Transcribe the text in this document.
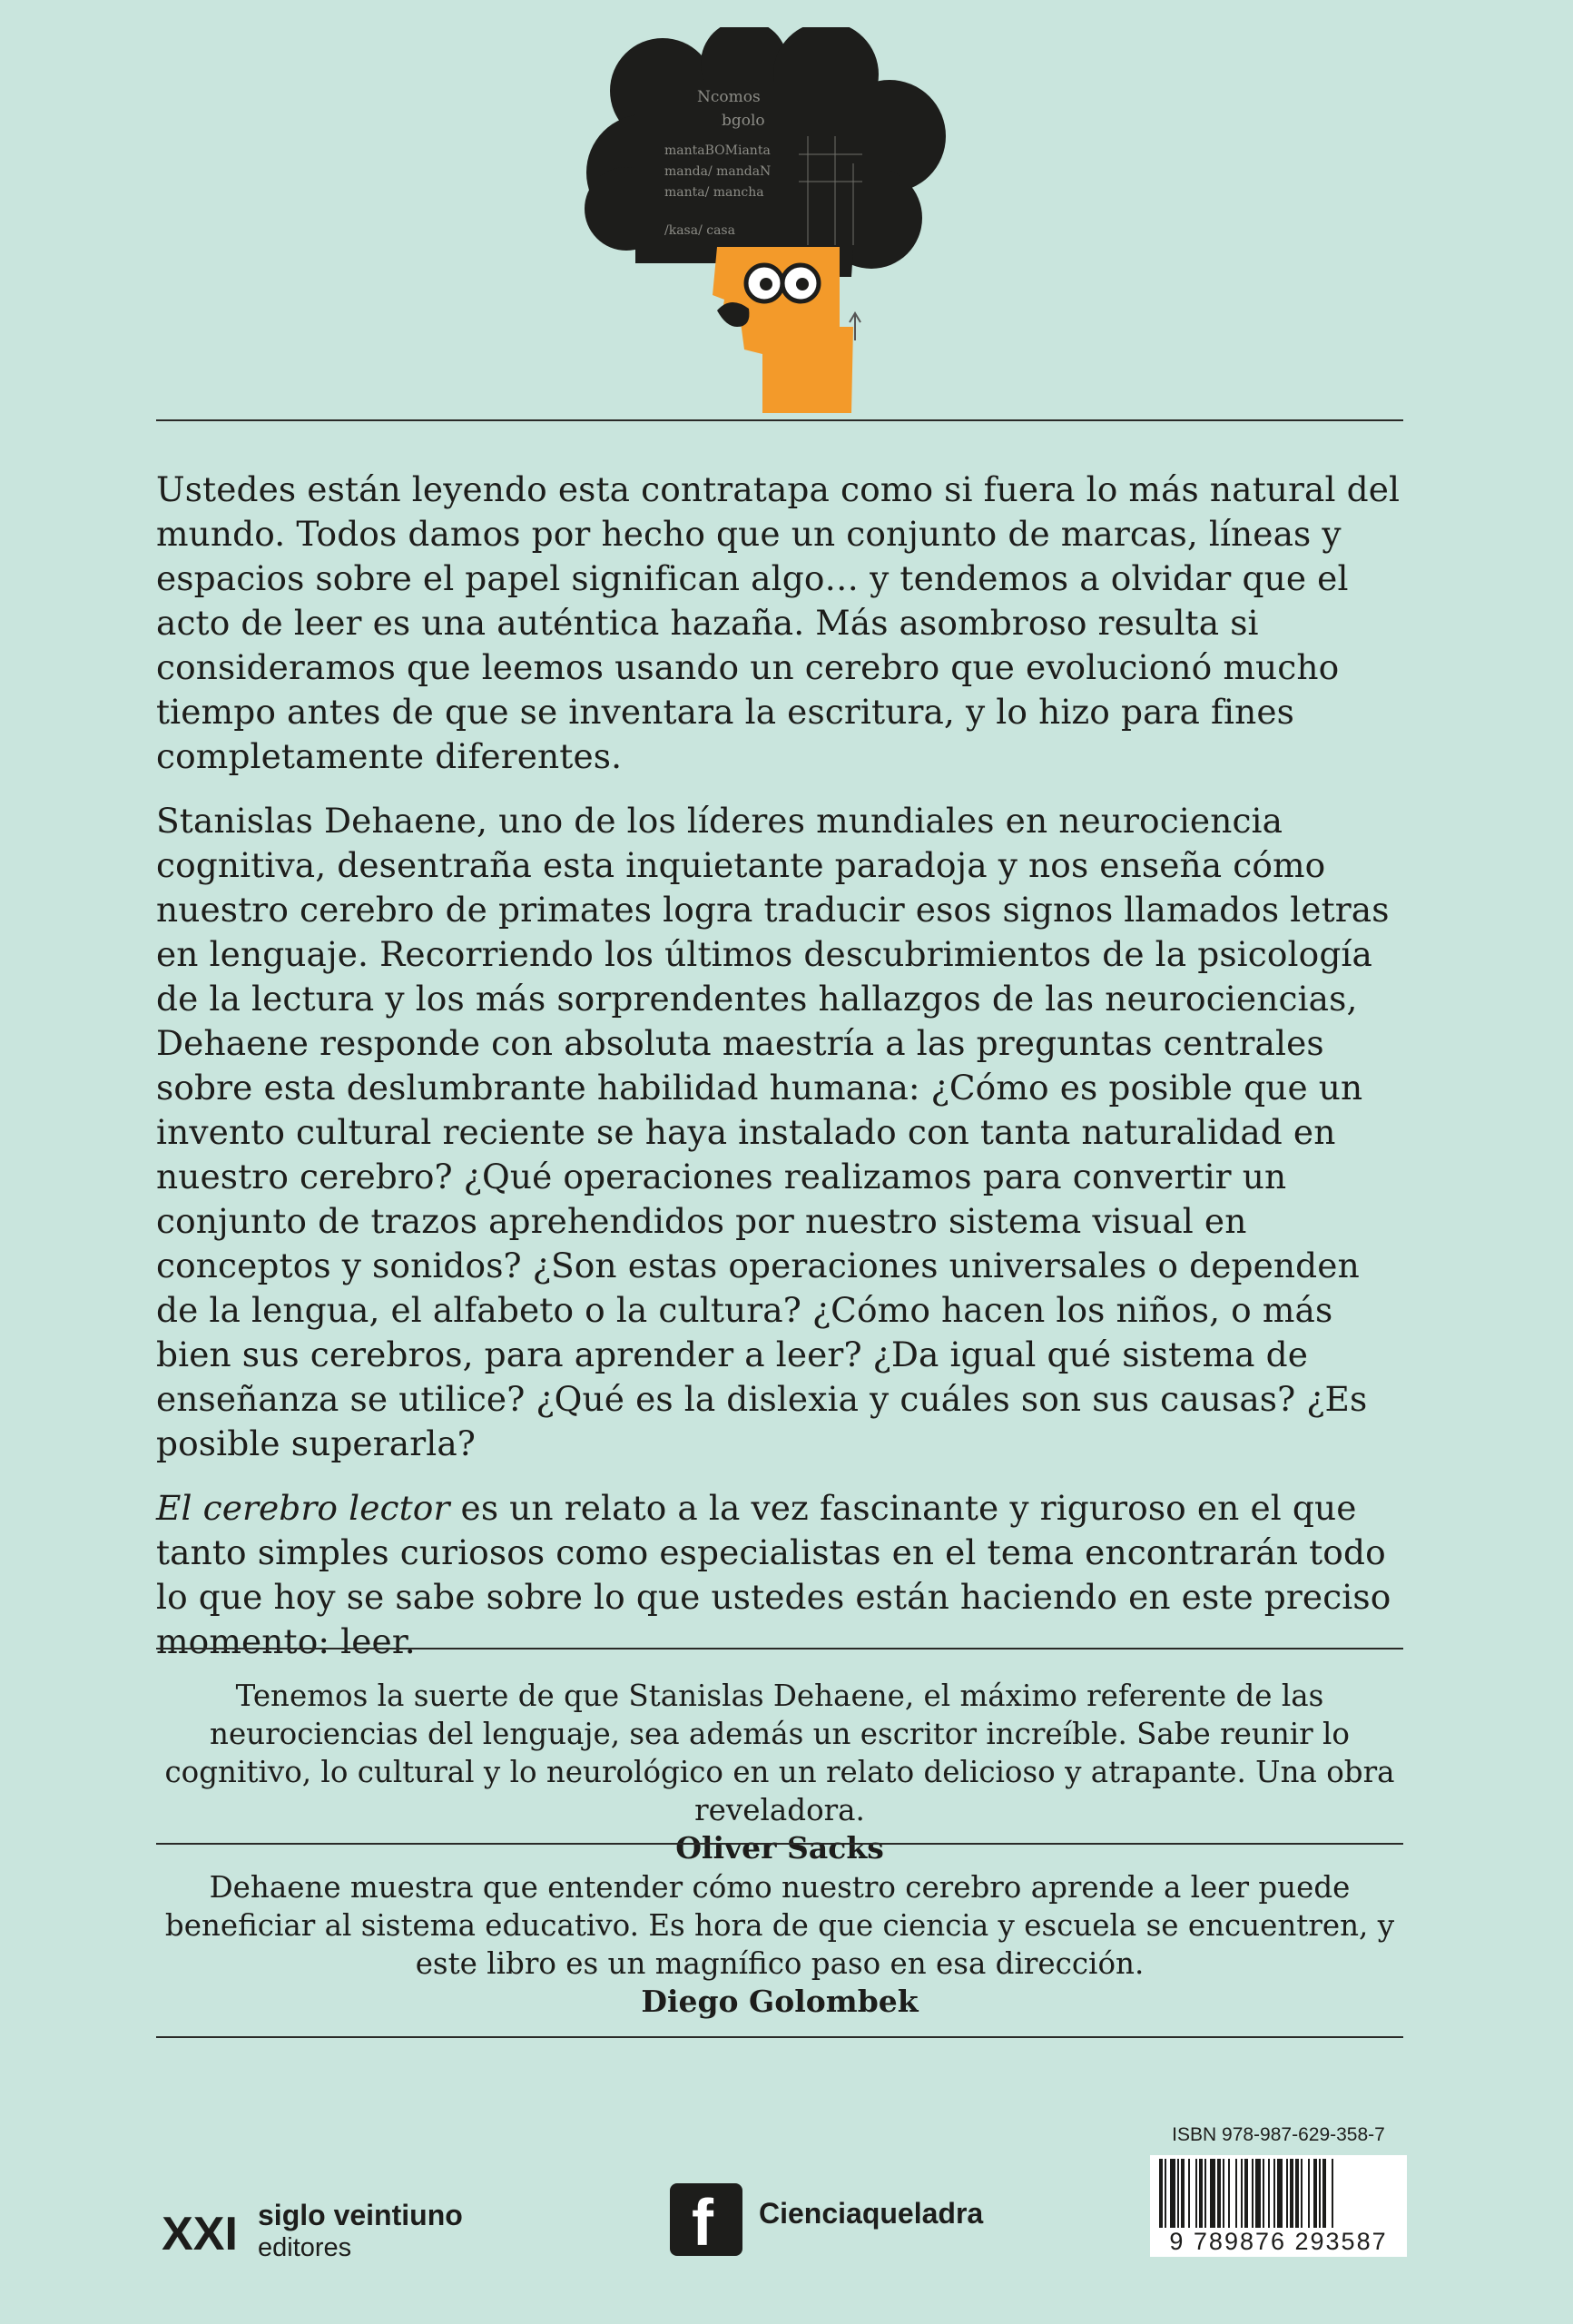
Ncomos
bgolo
mantaBOMianta
manda/ mandaN
manta/ mancha
/kasa/ casa

Ustedes están leyendo esta contratapa como si fuera lo más natural del mundo. Todos damos por hecho que un conjunto de marcas, líneas y espacios sobre el papel significan algo… y tendemos a olvidar que el acto de leer es una auténtica hazaña. Más asombroso resulta si consideramos que leemos usando un cerebro que evolucionó mucho tiempo antes de que se inventara la escritura, y lo hizo para fines completamente diferentes.

Stanislas Dehaene, uno de los líderes mundiales en neurociencia cognitiva, desentraña esta inquietante paradoja y nos enseña cómo nuestro cerebro de primates logra traducir esos signos llamados letras en lenguaje. Recorriendo los últimos descubrimientos de la psicología de la lectura y los más sorprendentes hallazgos de las neurociencias, Dehaene responde con absoluta maestría a las preguntas centrales sobre esta deslumbrante habilidad humana: ¿Cómo es posible que un invento cultural reciente se haya instalado con tanta naturalidad en nuestro cerebro? ¿Qué operaciones realizamos para convertir un conjunto de trazos aprehendidos por nuestro sistema visual en conceptos y sonidos? ¿Son estas operaciones universales o dependen de la lengua, el alfabeto o la cultura? ¿Cómo hacen los niños, o más bien sus cerebros, para aprender a leer? ¿Da igual qué sistema de enseñanza se utilice? ¿Qué es la dislexia y cuáles son sus causas? ¿Es posible superarla?

El cerebro lector es un relato a la vez fascinante y riguroso en el que tanto simples curiosos como especialistas en el tema encontrarán todo lo que hoy se sabe sobre lo que ustedes están haciendo en este preciso momento: leer.

Tenemos la suerte de que Stanislas Dehaene, el máximo referente de las neurociencias del lenguaje, sea además un escritor increíble. Sabe reunir lo cognitivo, lo cultural y lo neurológico en un relato delicioso y atrapante. Una obra reveladora.

Oliver Sacks

Dehaene muestra que entender cómo nuestro cerebro aprende a leer puede beneficiar al sistema educativo. Es hora de que ciencia y escuela se encuentren, y este libro es un magnífico paso en esa dirección.

Diego Golombek

XXI siglo veintiuno
editores	f Cienciaqueladra
ISBN 978-987-629-358-7
9 789876 293587
